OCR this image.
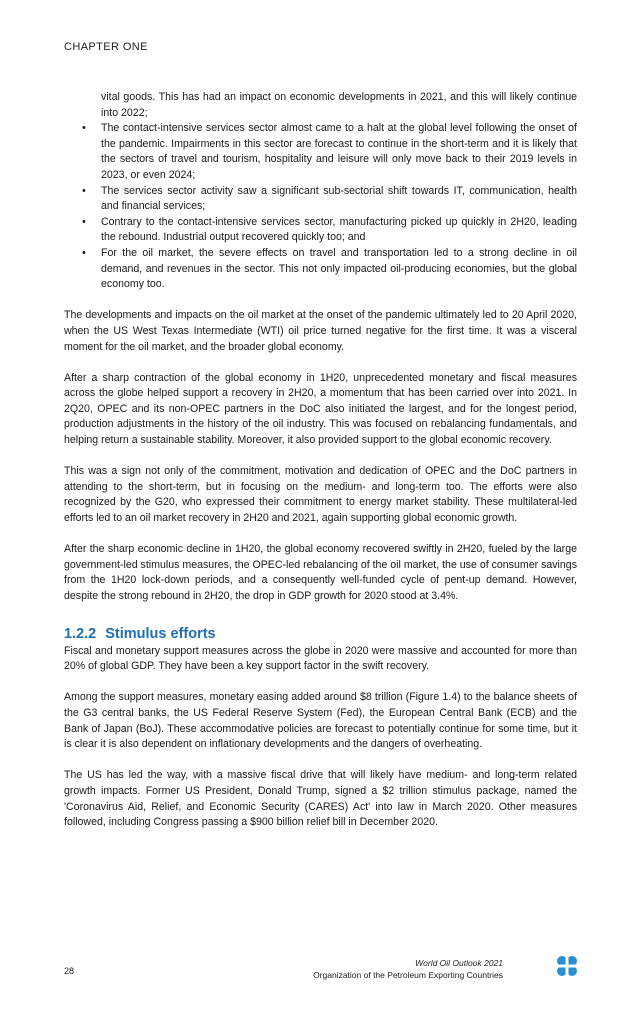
CHAPTER ONE
vital goods. This has had an impact on economic developments in 2021, and this will likely continue into 2022;
• The contact-intensive services sector almost came to a halt at the global level following the onset of the pandemic. Impairments in this sector are forecast to continue in the short-term and it is likely that the sectors of travel and tourism, hospitality and leisure will only move back to their 2019 levels in 2023, or even 2024;
• The services sector activity saw a significant sub-sectorial shift towards IT, communication, health and financial services;
• Contrary to the contact-intensive services sector, manufacturing picked up quickly in 2H20, leading the rebound. Industrial output recovered quickly too; and
• For the oil market, the severe effects on travel and transportation led to a strong decline in oil demand, and revenues in the sector. This not only impacted oil-producing economies, but the global economy too.

The developments and impacts on the oil market at the onset of the pandemic ultimately led to 20 April 2020, when the US West Texas Intermediate (WTI) oil price turned negative for the first time. It was a visceral moment for the oil market, and the broader global economy.

After a sharp contraction of the global economy in 1H20, unprecedented monetary and fiscal measures across the globe helped support a recovery in 2H20, a momentum that has been carried over into 2021. In 2Q20, OPEC and its non-OPEC partners in the DoC also initiated the largest, and for the longest period, production adjustments in the history of the oil industry. This was focused on rebalancing fundamentals, and helping return a sustainable stability. Moreover, it also provided support to the global economic recovery.

This was a sign not only of the commitment, motivation and dedication of OPEC and the DoC partners in attending to the short-term, but in focusing on the medium- and long-term too. The efforts were also recognized by the G20, who expressed their commitment to energy market stability. These multilateral-led efforts led to an oil market recovery in 2H20 and 2021, again supporting global economic growth.

After the sharp economic decline in 1H20, the global economy recovered swiftly in 2H20, fueled by the large government-led stimulus measures, the OPEC-led rebalancing of the oil market, the use of consumer savings from the 1H20 lock-down periods, and a consequently well-funded cycle of pent-up demand. However, despite the strong rebound in 2H20, the drop in GDP growth for 2020 stood at 3.4%.

1.2.2 Stimulus efforts

Fiscal and monetary support measures across the globe in 2020 were massive and accounted for more than 20% of global GDP. They have been a key support factor in the swift recovery.

Among the support measures, monetary easing added around $8 trillion (Figure 1.4) to the balance sheets of the G3 central banks, the US Federal Reserve System (Fed), the European Central Bank (ECB) and the Bank of Japan (BoJ). These accommodative policies are forecast to potentially continue for some time, but it is clear it is also dependent on inflationary developments and the dangers of overheating.

The US has led the way, with a massive fiscal drive that will likely have medium- and long-term related growth impacts. Former US President, Donald Trump, signed a $2 trillion stimulus package, named the 'Coronavirus Aid, Relief, and Economic Security (CARES) Act' into law in March 2020. Other measures followed, including Congress passing a $900 billion relief bill in December 2020.

28
World Oil Outlook 2021
Organization of the Petroleum Exporting Countries
